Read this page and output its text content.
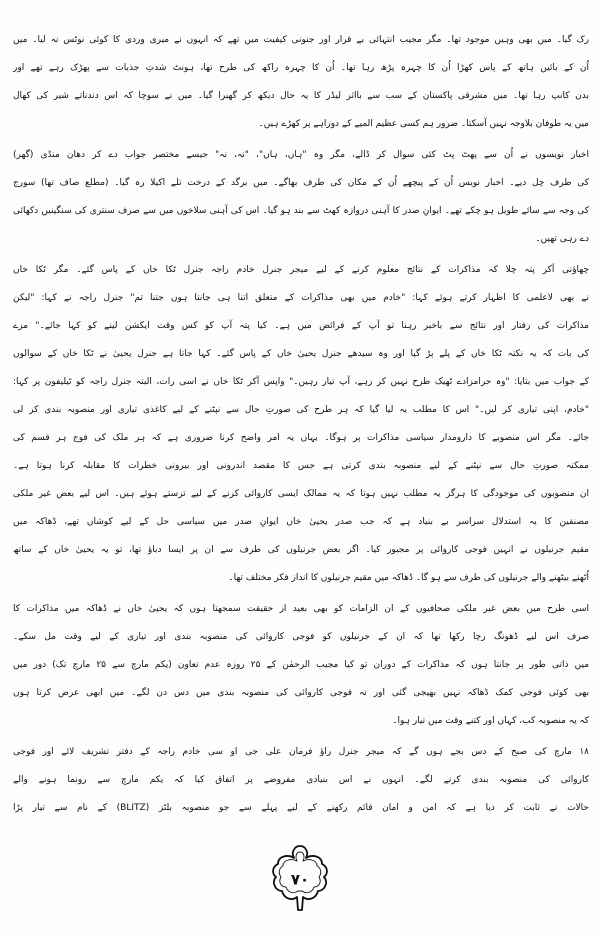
رک گیا۔ میں بھی وہیں موجود تھا۔ مگر مجیب انتہائی بے قرار اور جنونی کیفیت میں تھے کہ انہوں نے میری وردی کا کوئی نوٹس نہ لیا۔ میں
اُن کے بائیں ہاتھ کے پاس کھڑا اُن کا چہرہ پڑھ رہا تھا۔ اُن کا چہرہ راکھ کی طرح تھا، ہونٹ شدتِ جذبات سے پھڑک رہے تھے اور
بدن کانپ رہا تھا۔ میں مشرقی پاکستان کے سب سے بااثر لیڈر کا یہ حال دیکھ کر گھبرا گیا۔ میں نے سوچا کہ اس دندناتے شیر کی کھال
میں یہ طوفان بلاوجہ نہیں آسکتا۔ ضرور ہم کسی عظیم المیے کے دوراہے پر کھڑے ہیں۔
اخبار نویسوں نے اُن سے پھٹ پٹ کئی سوال کر ڈالے، مگر وہ "ہاں، ہاں"، "نہ، نہ" جیسے مختصر جواب دے کر دھان منڈی (گھر)
کی طرف چل دیے۔ اخبار نویس اُن کے پیچھے اُن کے مکان کی طرف بھاگے۔ میں برگد کے درخت تلے اکیلا رہ گیا۔ (مطلع صاف تھا) سورج
کی وجہ سے سائے طویل ہو چکے تھے۔ ایوانِ صدر کا آہنی دروازہ کھٹ سے بند ہو گیا۔ اس کی آہنی سلاخوں میں سے صرف سنتری کی سنگینیں دکھائی
دے رہی تھیں۔
چھاؤنی آکر پتہ چلا کہ مذاکرات کے نتائج معلوم کرنے کے لیے میجر جنرل خادم راجہ جنرل ٹکا خاں کے پاس گئے۔ مگر ٹکا خاں
نے بھی لاعلمی کا اظہار کرتے ہوئے کہا: "خادم میں بھی مذاکرات کے متعلق اتنا ہی جانتا ہوں جتنا تم" جنرل راجہ نے کہا: "لیکن
مذاکرات کی رفتار اور نتائج سے باخبر رہنا تو آپ کے فرائض میں ہے۔ کیا پتہ آپ کو کس وقت ایکشن لینے کو کہا جائے۔" مزے
کی بات کہ یہ نکتہ ٹکا خاں کے پلے پڑ گیا اور وہ سیدھے جنرل یحییٰ خاں کے پاس گئے۔ کہا جاتا ہے جنرل یحییٰ نے ٹکا خاں کے سوالوں
کے جواب میں بتایا: "وہ حرامزادے ٹھیک طرح نہیں کر رہے، آپ تیار رہیں۔" واپس آکر ٹکا خاں نے اسی رات، البتہ جنرل راجہ کو ٹیلیفون پر کہا:
"خادم، اپنی تیاری کر لیں۔" اس کا مطلب یہ لیا گیا کہ ہر طرح کی صورتِ حال سے نپٹنے کے لیے کاغذی تیاری اور منصوبہ بندی کر لی
جائے۔ مگر اس منصوبے کا دارومدار سیاسی مذاکرات پر ہوگا۔ یہاں یہ امر واضح کرنا ضروری ہے کہ ہر ملک کی فوج ہر قسم کی
ممکنہ صورتِ حال سے نپٹنے کے لیے منصوبہ بندی کرتی ہے جس کا مقصد اندرونی اور بیرونی خطرات کا مقابلہ کرنا ہوتا ہے۔
ان منصوبوں کی موجودگی کا ہرگز یہ مطلب نہیں ہوتا کہ یہ ممالک ایسی کاروائی کرنے کے لیے ترستے ہوئے ہیں۔ اس لیے بعض غیر ملکی
مصنفین کا یہ استدلال سراسر بے بنیاد ہے کہ جب صدر یحییٰ خاں ایوانِ صدر میں سیاسی حل کے لیے کوشاں تھے، ڈھاکہ میں
مقیم جرنیلوں نے انہیں فوجی کاروائی پر مجبور کیا۔ اگر بعض جرنیلوں کی طرف سے ان پر ایسا دباؤ تھا، تو یہ یحییٰ خاں کے ساتھ
اُٹھنے بیٹھنے والے جرنیلوں کی طرف سے ہو گا۔ ڈھاکہ میں مقیم جرنیلوں کا انداز فکر مختلف تھا۔
اسی طرح میں بعض غیر ملکی صحافیوں کے ان الزامات کو بھی بعید از حقیقت سمجھتا ہوں کہ یحییٰ خاں نے ڈھاکہ میں مذاکرات کا
صرف اس لیے ڈھونگ رچا رکھا تھا کہ ان کے جرنیلوں کو فوجی کاروائی کی منصوبہ بندی اور تیاری کے لیے وقت مل سکے۔
میں ذاتی طور پر جانتا ہوں کہ مذاکرات کے دوران تو کیا مجیب الرحمٰن کے ۲۵ روزہ عدم تعاون (یکم مارچ سے ۲۵ مارچ تک) دور میں
بھی کوئی فوجی کمک ڈھاکہ نہیں بھیجی گئی اور نہ فوجی کاروائی کی منصوبہ بندی میں دس دن لگے۔ میں ابھی عرض کرتا ہوں
کہ یہ منصوبہ کب، کہاں اور کتنے وقت میں تیار ہوا۔
۱۸ مارچ کی صبح کے دس بجے ہوں گے کہ میجر جنرل راؤ فرمان علی جی او سی خادم راجہ کے دفتر تشریف لائے اور فوجی
کاروائی کی منصوبہ بندی کرنے لگے۔ انہوں نے اس بنیادی مفروضے پر اتفاق کیا کہ یکم مارچ سے رونما ہونے والے
حالات نے ثابت کر دیا ہے کہ امن و امان قائم رکھنے کے لیے پہلے سے جو منصوبہ بلٹز (BLITZ) کے نام سے تیار پڑا
۷۰
